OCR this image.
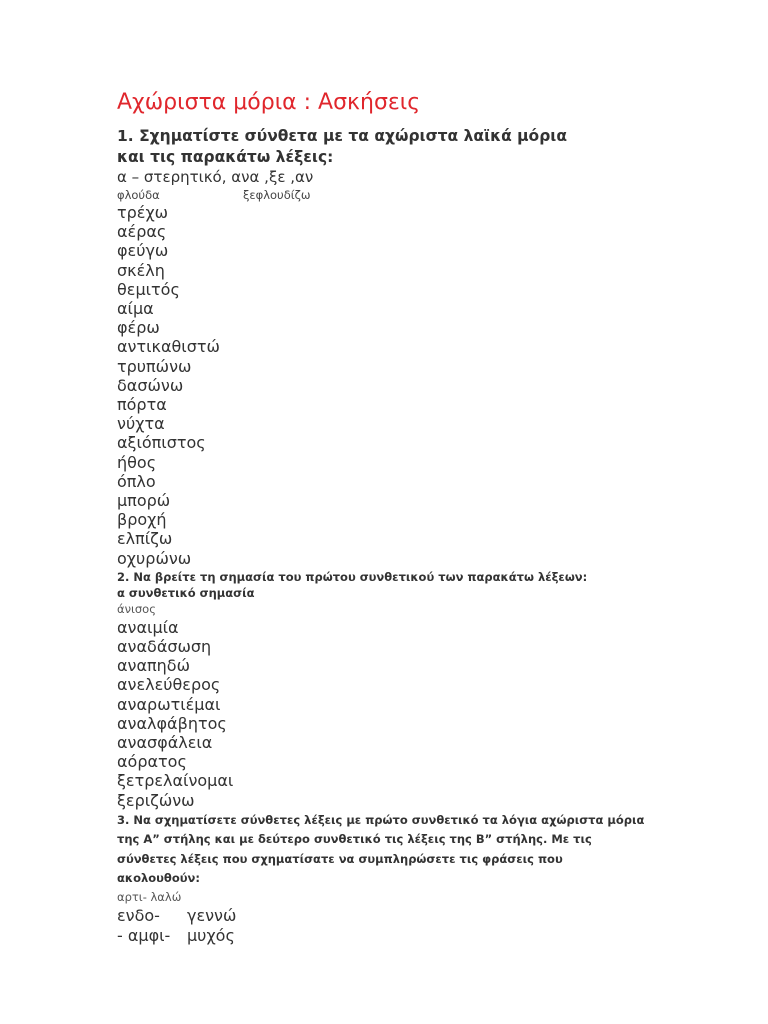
Αχώριστα μόρια : Ασκήσεις
1. Σχηματίστε σύνθετα με τα αχώριστα λαϊκά μόρια
και τις παρακάτω λέξεις:
α – στερητικό, ανα ,ξε ,αν
φλούδα	ξεφλουδίζω
τρέχω
αέρας
φεύγω
σκέλη
θεμιτός
αίμα
φέρω
αντικαθιστώ
τρυπώνω
δασώνω
πόρτα
νύχτα
αξιόπιστος
ήθος
όπλο
μπορώ
βροχή
ελπίζω
οχυρώνω
2. Να βρείτε τη σημασία του πρώτου συνθετικού των παρακάτω λέξεων:
α συνθετικό σημασία
άνισος
αναιμία
αναδάσωση
αναπηδώ
ανελεύθερος
αναρωτιέμαι
αναλφάβητος
ανασφάλεια
αόρατος
ξετρελαίνομαι
ξεριζώνω
3. Να σχηματίσετε σύνθετες λέξεις με πρώτο συνθετικό τα λόγια αχώριστα μόρια της Α” στήλης και με δεύτερο συνθετικό τις λέξεις της Β” στήλης. Με τις σύνθετες λέξεις που σχηματίσατε να συμπληρώσετε τις φράσεις που ακολουθούν:
αρτι- λαλώ
ενδο-	γεννώ
- αμφι-	μυχός
